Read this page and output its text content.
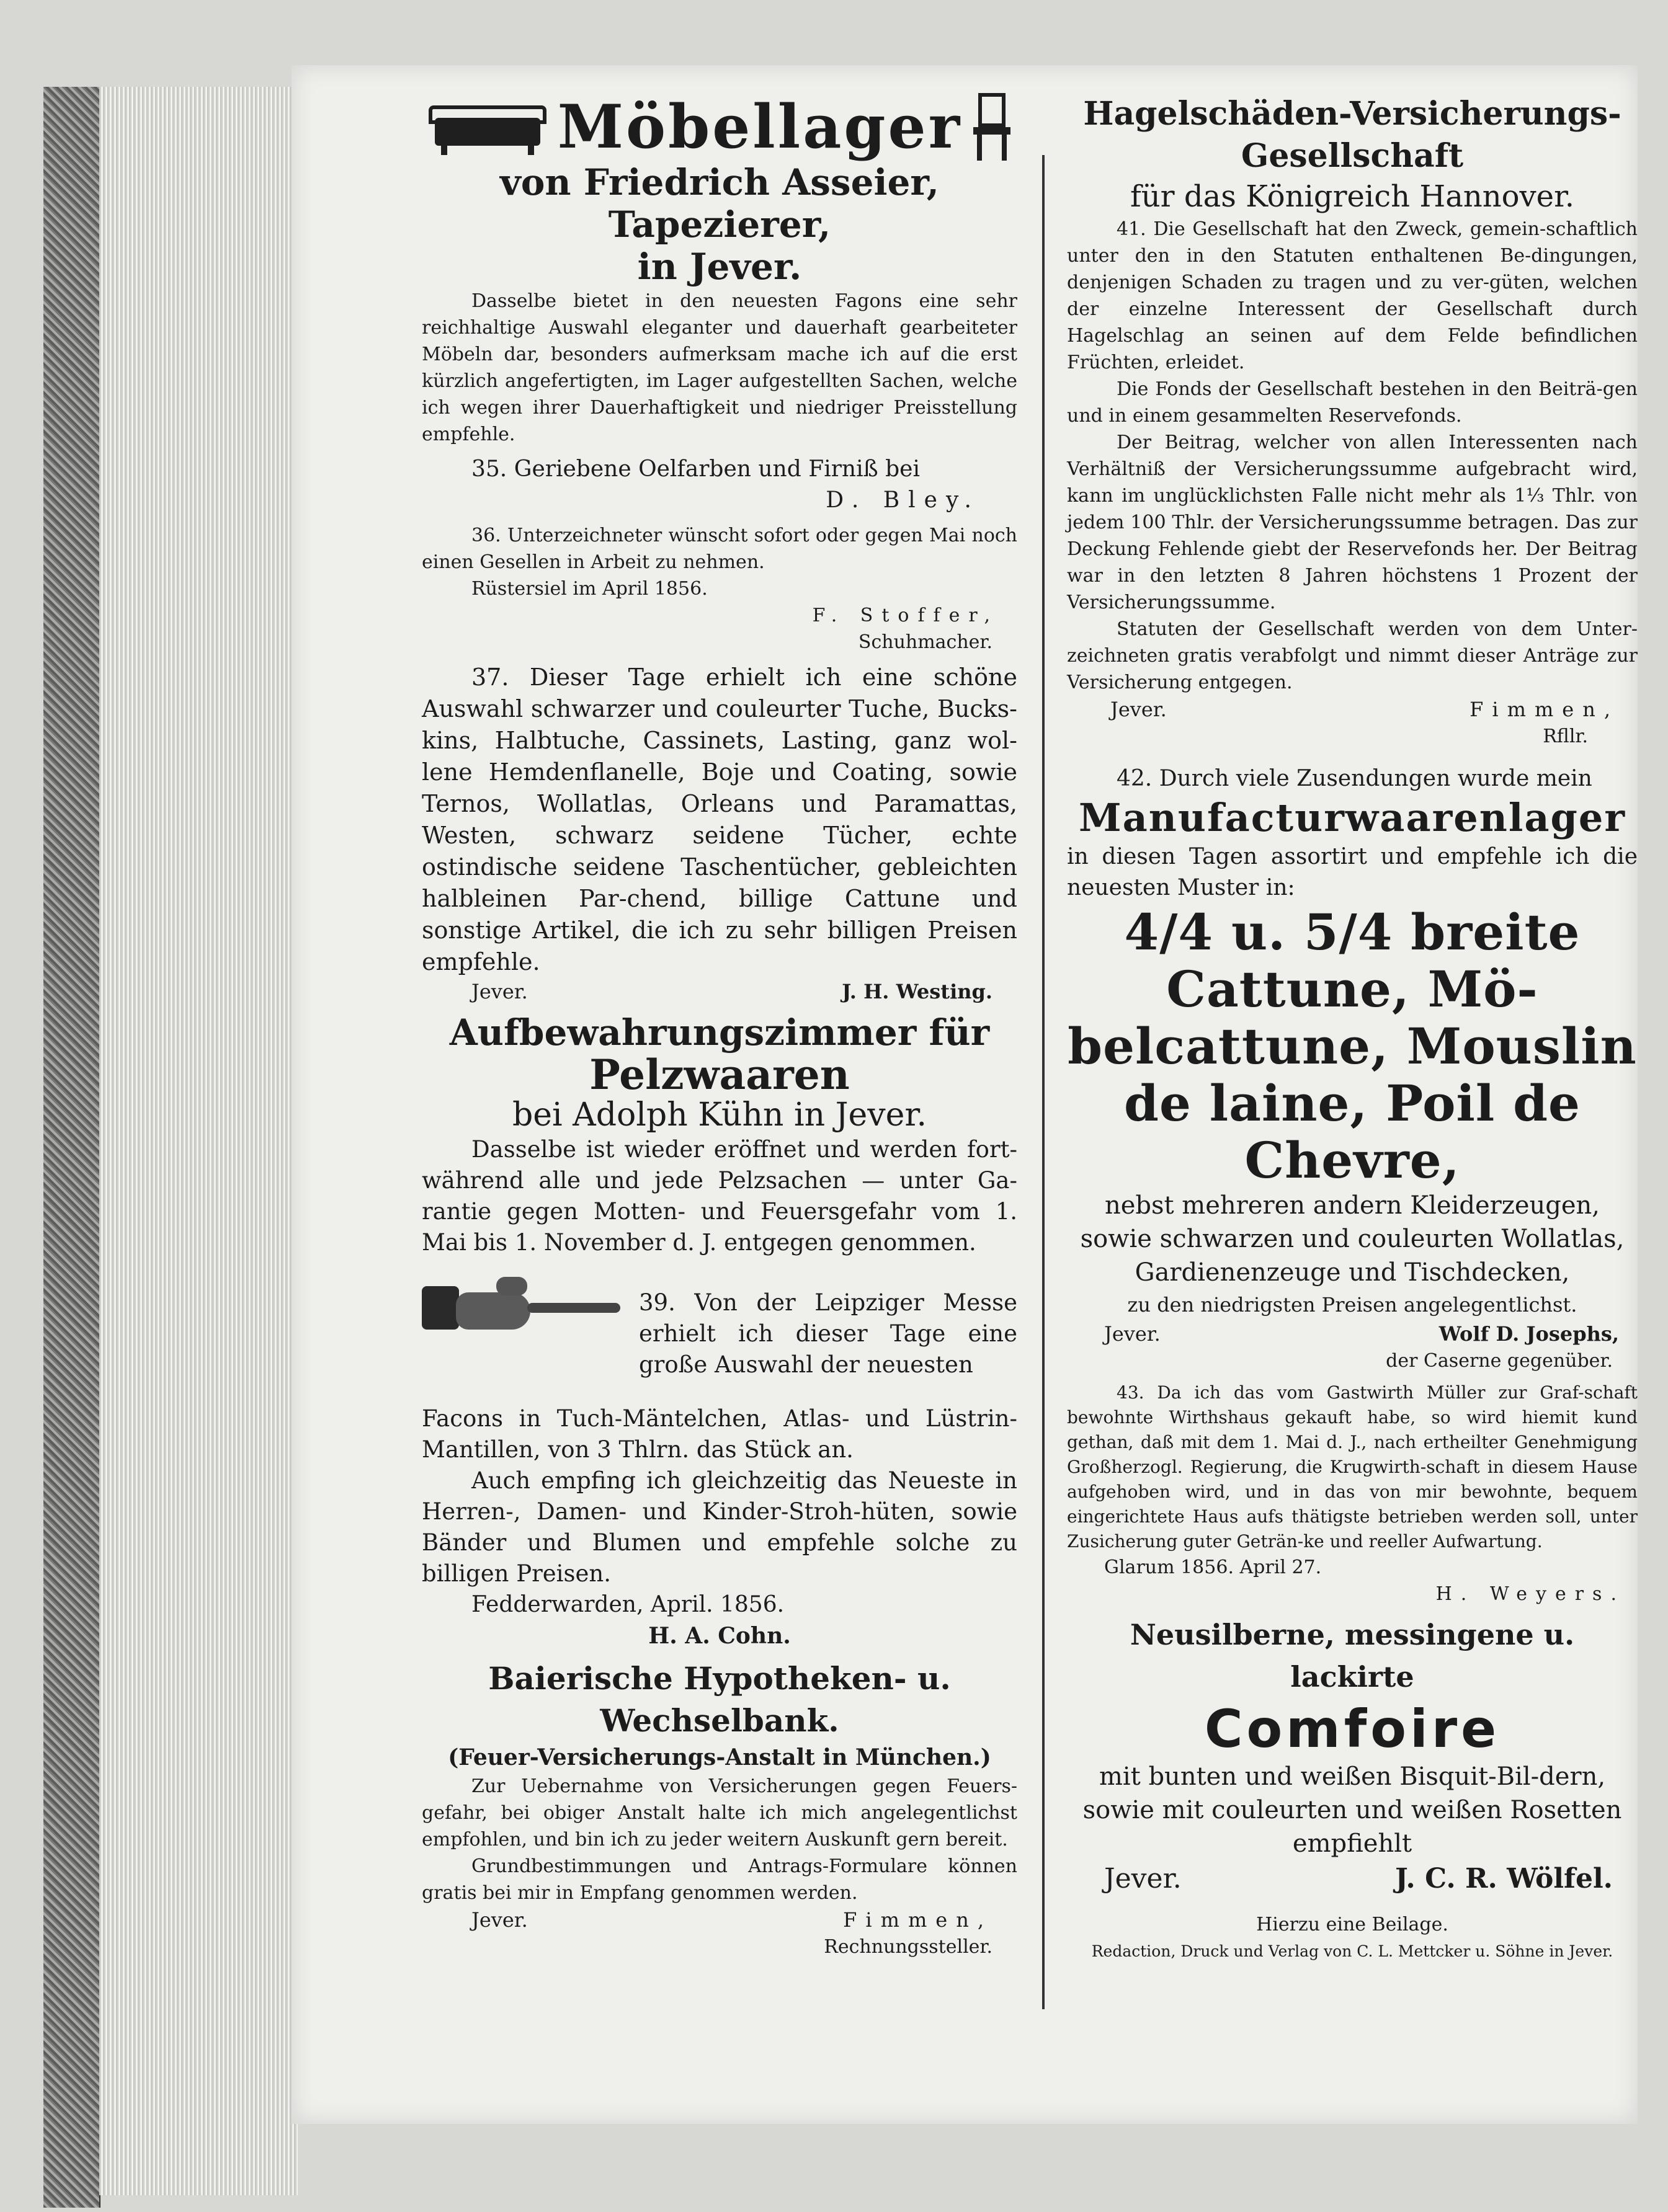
Möbellager
von Friedrich Asseier, Tapezierer,
in Jever.

Dasselbe bietet in den neuesten Fagons eine sehr reichhaltige Auswahl eleganter und dauerhaft gearbeiteter Möbeln dar, besonders aufmerksam mache ich auf die erst kürzlich angefertigten, im Lager aufgestellten Sachen, welche ich wegen ihrer Dauerhaftigkeit und niedriger Preisstellung empfehle.

35. Geriebene Oelfarben und Firniß bei

D. Bley.

36. Unterzeichneter wünscht sofort oder gegen Mai noch einen Gesellen in Arbeit zu nehmen.

Rüstersiel im April 1856.

F. Stoffer,

Schuhmacher.

37. Dieser Tage erhielt ich eine schöne Auswahl schwarzer und couleurter Tuche, Bucks-kins, Halbtuche, Cassinets, Lasting, ganz wol-lene Hemdenflanelle, Boje und Coating, sowie Ternos, Wollatlas, Orleans und Paramattas, Westen, schwarz seidene Tücher, echte ostindische seidene Taschentücher, gebleichten halbleinen Par-chend, billige Cattune und sonstige Artikel, die ich zu sehr billigen Preisen empfehle.

Jever.	J. H. Westing.
Aufbewahrungszimmer für
Pelzwaaren
bei Adolph Kühn in Jever.

Dasselbe ist wieder eröffnet und werden fort-während alle und jede Pelzsachen — unter Ga-rantie gegen Motten- und Feuersgefahr vom 1. Mai bis 1. November d. J. entgegen genommen.

39. Von der Leipziger Messe erhielt ich dieser Tage eine große Auswahl der neuesten

Facons in Tuch-Mäntelchen, Atlas- und Lüstrin-Mantillen, von 3 Thlrn. das Stück an.

Auch empfing ich gleichzeitig das Neueste in Herren-, Damen- und Kinder-Stroh-hüten, sowie Bänder und Blumen und empfehle solche zu billigen Preisen.

Fedderwarden, April. 1856.

H. A. Cohn.

Baierische Hypotheken- u. Wechselbank.
(Feuer-Versicherungs-Anstalt in München.)

Zur Uebernahme von Versicherungen gegen Feuers-gefahr, bei obiger Anstalt halte ich mich angelegentlichst empfohlen, und bin ich zu jeder weitern Auskunft gern bereit.

Grundbestimmungen und Antrags-Formulare können gratis bei mir in Empfang genommen werden.

Jever.	Fimmen,

Rechnungssteller.

Hagelschäden-Versicherungs-
Gesellschaft
für das Königreich Hannover.

41. Die Gesellschaft hat den Zweck, gemein-schaftlich unter den in den Statuten enthaltenen Be-dingungen, denjenigen Schaden zu tragen und zu ver-güten, welchen der einzelne Interessent der Gesellschaft durch Hagelschlag an seinen auf dem Felde befindlichen Früchten, erleidet.

Die Fonds der Gesellschaft bestehen in den Beiträ-gen und in einem gesammelten Reservefonds.

Der Beitrag, welcher von allen Interessenten nach Verhältniß der Versicherungssumme aufgebracht wird, kann im unglücklichsten Falle nicht mehr als 1⅓ Thlr. von jedem 100 Thlr. der Versicherungssumme betragen. Das zur Deckung Fehlende giebt der Reservefonds her. Der Beitrag war in den letzten 8 Jahren höchstens 1 Prozent der Versicherungssumme.

Statuten der Gesellschaft werden von dem Unter-zeichneten gratis verabfolgt und nimmt dieser Anträge zur Versicherung entgegen.

Jever.	Fimmen,

Rfllr.

42. Durch viele Zusendungen wurde mein

Manufacturwaarenlager

in diesen Tagen assortirt und empfehle ich die neuesten Muster in:

4/4 u. 5/4 breite Cattune, Mö-belcattune, Mouslin de laine, Poil de Chevre,

nebst mehreren andern Kleiderzeugen, sowie schwarzen und couleurten Wollatlas, Gardienenzeuge und Tischdecken,

zu den niedrigsten Preisen angelegentlichst.

Jever.	Wolf D. Josephs,

der Caserne gegenüber.

43. Da ich das vom Gastwirth Müller zur Graf-schaft bewohnte Wirthshaus gekauft habe, so wird hiemit kund gethan, daß mit dem 1. Mai d. J., nach ertheilter Genehmigung Großherzogl. Regierung, die Krugwirth-schaft in diesem Hause aufgehoben wird, und in das von mir bewohnte, bequem eingerichtete Haus aufs thätigste betrieben werden soll, unter Zusicherung guter Geträn-ke und reeller Aufwartung.

Glarum 1856. April 27.

H. Weyers.

Neusilberne, messingene u. lackirte
Comfoire

mit bunten und weißen Bisquit-Bil-dern, sowie mit couleurten und weißen Rosetten empfiehlt

Jever.	J. C. R. Wölfel.

Hierzu eine Beilage.

Redaction, Druck und Verlag von C. L. Mettcker u. Söhne in Jever.
